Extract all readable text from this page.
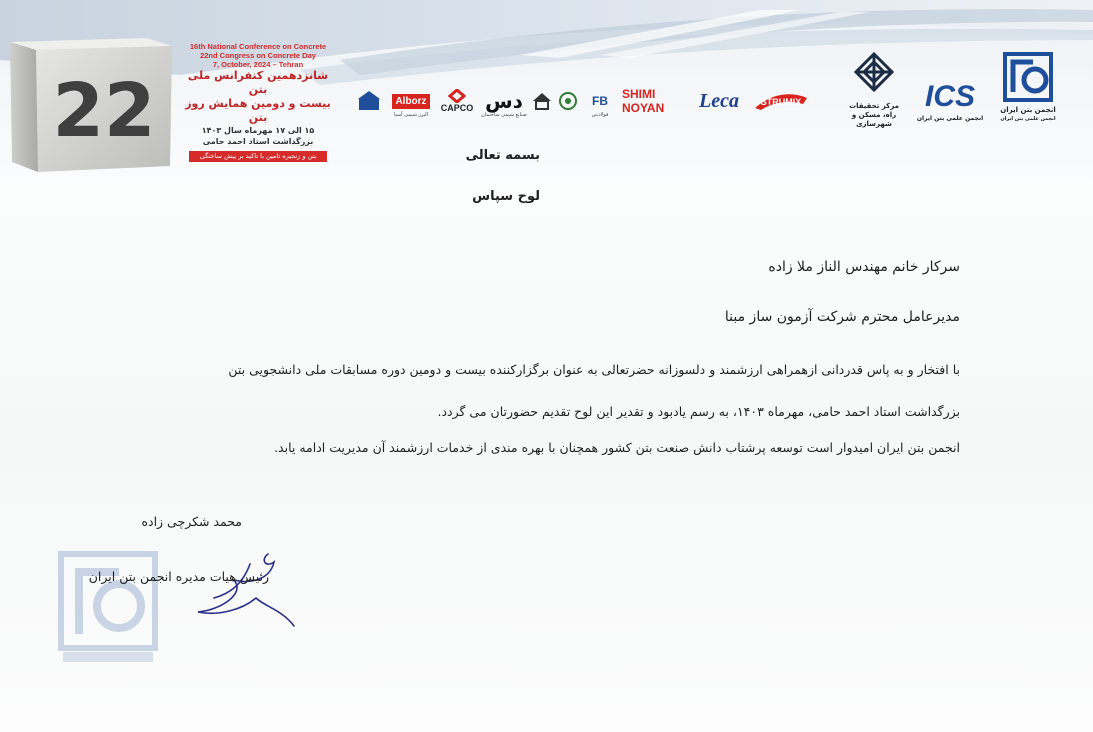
22
16th National Conference on Concrete
22nd Congress on Concrete Day
7, October, 2024 – Tehran
شانزدهمین کنفرانس ملی بتن
بیست و دومین همایش روز بتن
۱۵ الی ۱۷ مهرماه سال ۱۴۰۳
بزرگداشت استاد احمد حامی
بتن و زنجیره تامین با تاکید بر پیش ساختگی
Alborz
البرز شیمی آسیا
CAPCO دس
صنایع شیمی ساختمان
FB
فولادبتن
SHIMI NOYAN	Leca STRUMIX	مرکز تحقیقات
راه، مسکن و شهرسازی
ICS
انجمن علمی بتن ایران
انجمن بتن ایران
انجمن علمی بتن ایران
بسمه تعالی
لوح سپاس
سرکار خانم مهندس الناز ملا زاده
مدیرعامل محترم شرکت آزمون ساز مبنا
با افتخار و به پاس قدردانی ازهمراهی ارزشمند و دلسوزانه حضرتعالی به عنوان برگزارکننده بیست و دومین دوره مسابقات ملی دانشجویی بتن
بزرگداشت استاد احمد حامی، مهرماه ۱۴۰۳، به رسم یادبود و تقدیر این لوح تقدیم حضورتان می گردد.
انجمن بتن ایران امیدوار است توسعه پرشتاب دانش صنعت بتن کشور همچنان با بهره مندی از خدمات ارزشمند آن مدیریت ادامه یابد.
محمد شکرچی زاده
رئیس هیات مدیره انجمن بتن ایران
